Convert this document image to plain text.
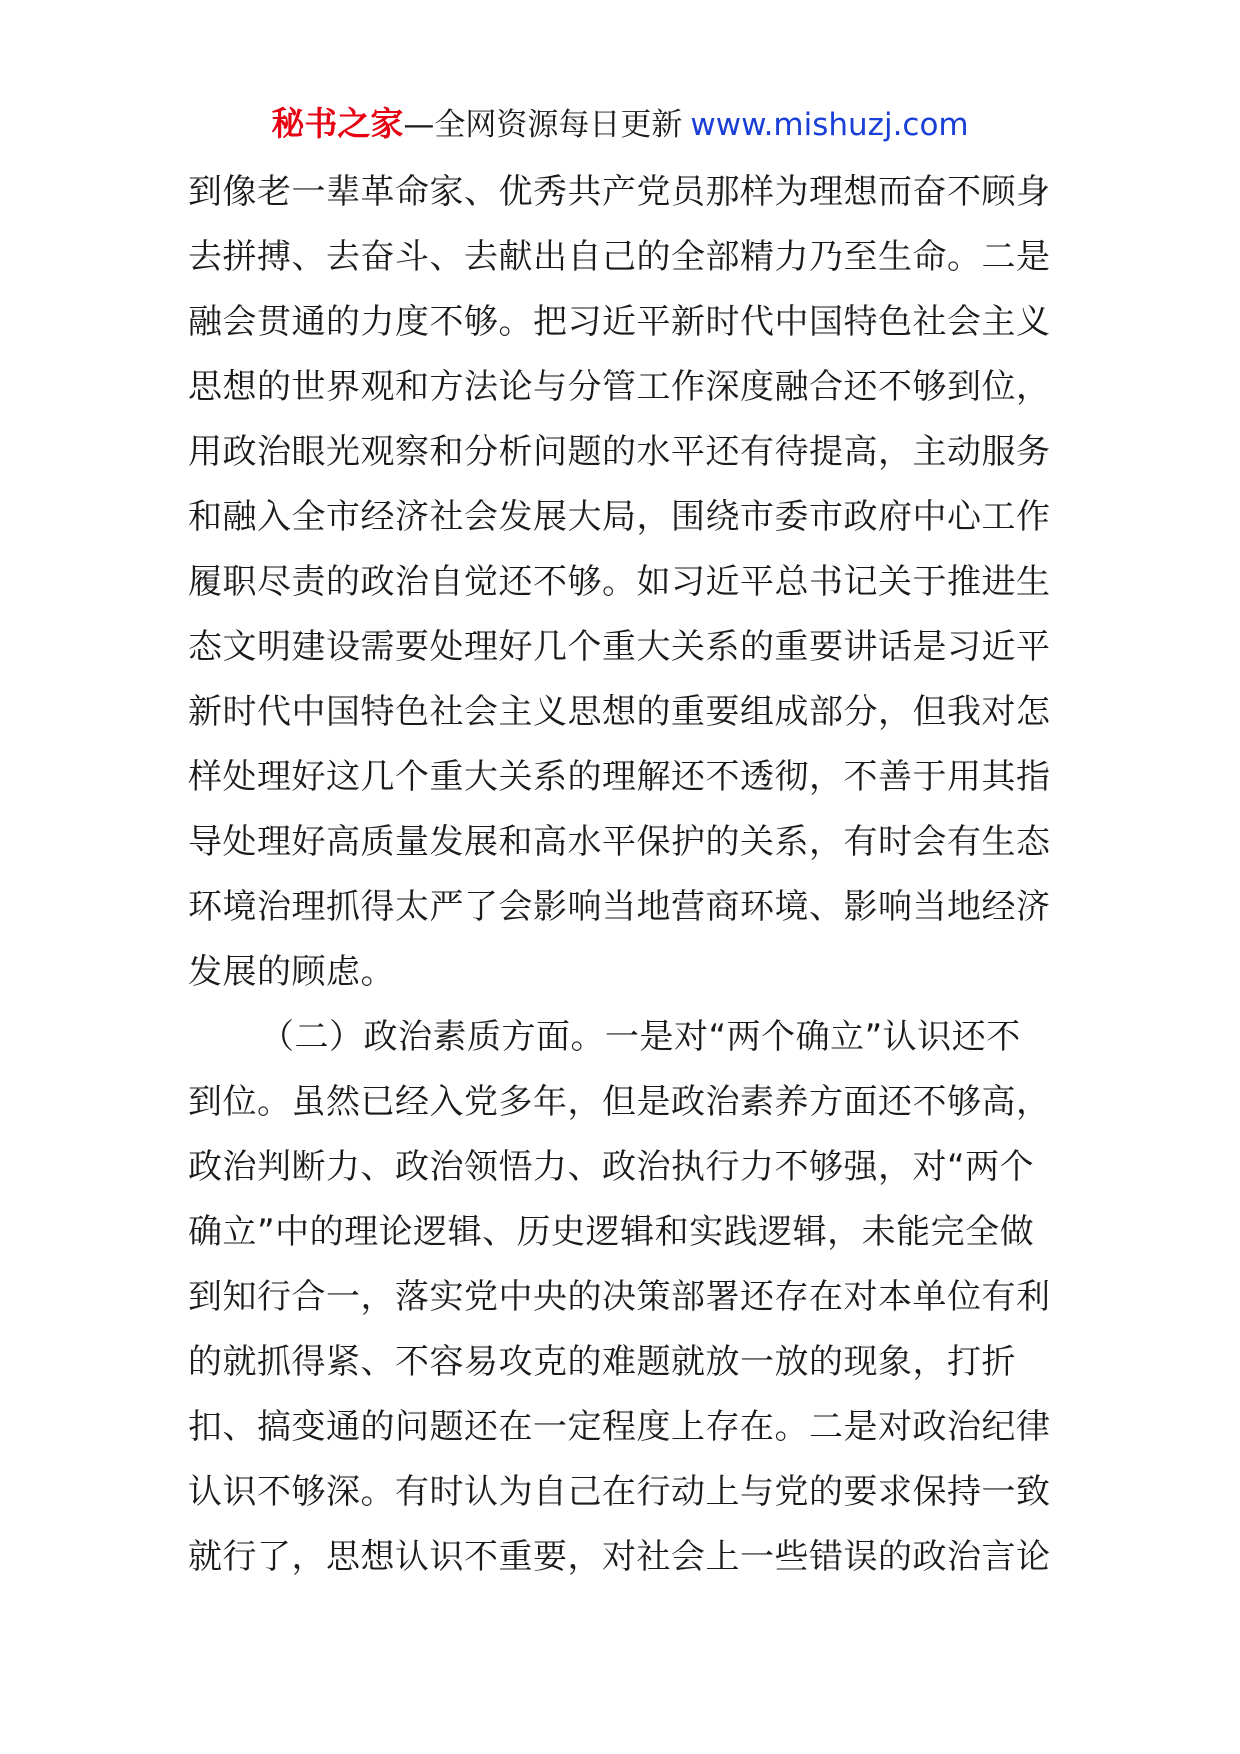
秘书之家—全网资源每日更新 www.mishuzj.com
到像老一辈革命家、优秀共产党员那样为理想而奋不顾身
去拼搏、去奋斗、去献出自己的全部精力乃至生命。二是
融会贯通的力度不够。把习近平新时代中国特色社会主义
思想的世界观和方法论与分管工作深度融合还不够到位，
用政治眼光观察和分析问题的水平还有待提高，主动服务
和融入全市经济社会发展大局，围绕市委市政府中心工作
履职尽责的政治自觉还不够。如习近平总书记关于推进生
态文明建设需要处理好几个重大关系的重要讲话是习近平
新时代中国特色社会主义思想的重要组成部分，但我对怎
样处理好这几个重大关系的理解还不透彻，不善于用其指
导处理好高质量发展和高水平保护的关系，有时会有生态
环境治理抓得太严了会影响当地营商环境、影响当地经济
发展的顾虑。
（二）政治素质方面。一是对“两个确立”认识还不
到位。虽然已经入党多年，但是政治素养方面还不够高，
政治判断力、政治领悟力、政治执行力不够强，对“两个
确立”中的理论逻辑、历史逻辑和实践逻辑，未能完全做
到知行合一，落实党中央的决策部署还存在对本单位有利
的就抓得紧、不容易攻克的难题就放一放的现象，打折
扣、搞变通的问题还在一定程度上存在。二是对政治纪律
认识不够深。有时认为自己在行动上与党的要求保持一致
就行了，思想认识不重要，对社会上一些错误的政治言论
